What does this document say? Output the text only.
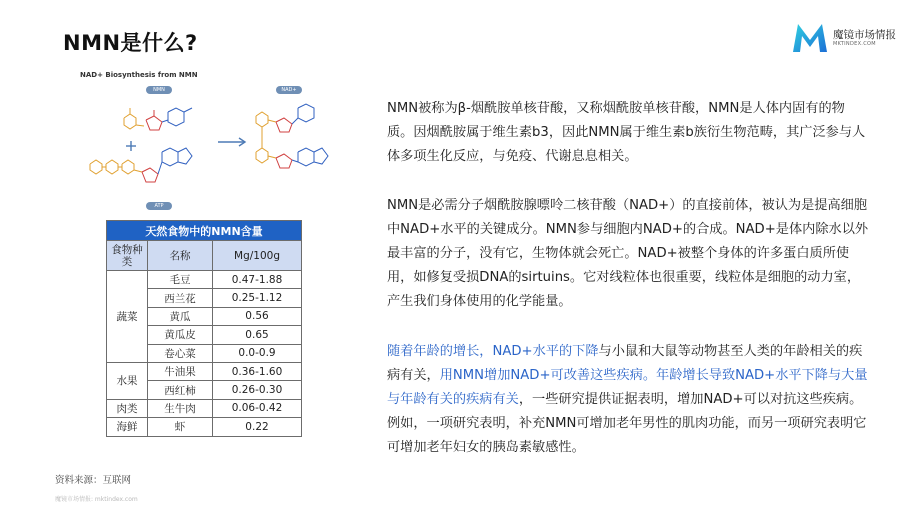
NMN是什么?	魔镜市场情报
MKTINDEX.COM
NAD+ Biosynthesis from NMN
NMN	NAD+
ATP
天然食物中的NMN含量		
食物种类	名称	Mg/100g
蔬菜	毛豆	0.47-1.88
	西兰花	0.25-1.12
	黄瓜	0.56
	黄瓜皮	0.65
	卷心菜	0.0-0.9
水果	牛油果	0.36-1.60
	西红柿	0.26-0.30
肉类	生牛肉	0.06-0.42
海鲜	虾	0.22
资料来源：互联网
魔镜市场情报: mktindex.com

NMN被称为β-烟酰胺单核苷酸，又称烟酰胺单核苷酸，NMN是人体内固有的物质。因烟酰胺属于维生素b3，因此NMN属于维生素b族衍生物范畴，其广泛参与人体多项生化反应，与免疫、代谢息息相关。

NMN是必需分子烟酰胺腺嘌呤二核苷酸（NAD+）的直接前体，被认为是提高细胞中NAD+水平的关键成分。NMN参与细胞内NAD+的合成。NAD+是体内除水以外最丰富的分子，没有它，生物体就会死亡。NAD+被整个身体的许多蛋白质所使用，如修复受损DNA的sirtuins。它对线粒体也很重要，线粒体是细胞的动力室，产生我们身体使用的化学能量。

随着年龄的增长，NAD+水平的下降与小鼠和大鼠等动物甚至人类的年龄相关的疾病有关，用NMN增加NAD+可改善这些疾病。年龄增长导致NAD+水平下降与大量与年龄有关的疾病有关，一些研究提供证据表明，增加NAD+可以对抗这些疾病。例如，一项研究表明，补充NMN可增加老年男性的肌肉功能，而另一项研究表明它可增加老年妇女的胰岛素敏感性。
